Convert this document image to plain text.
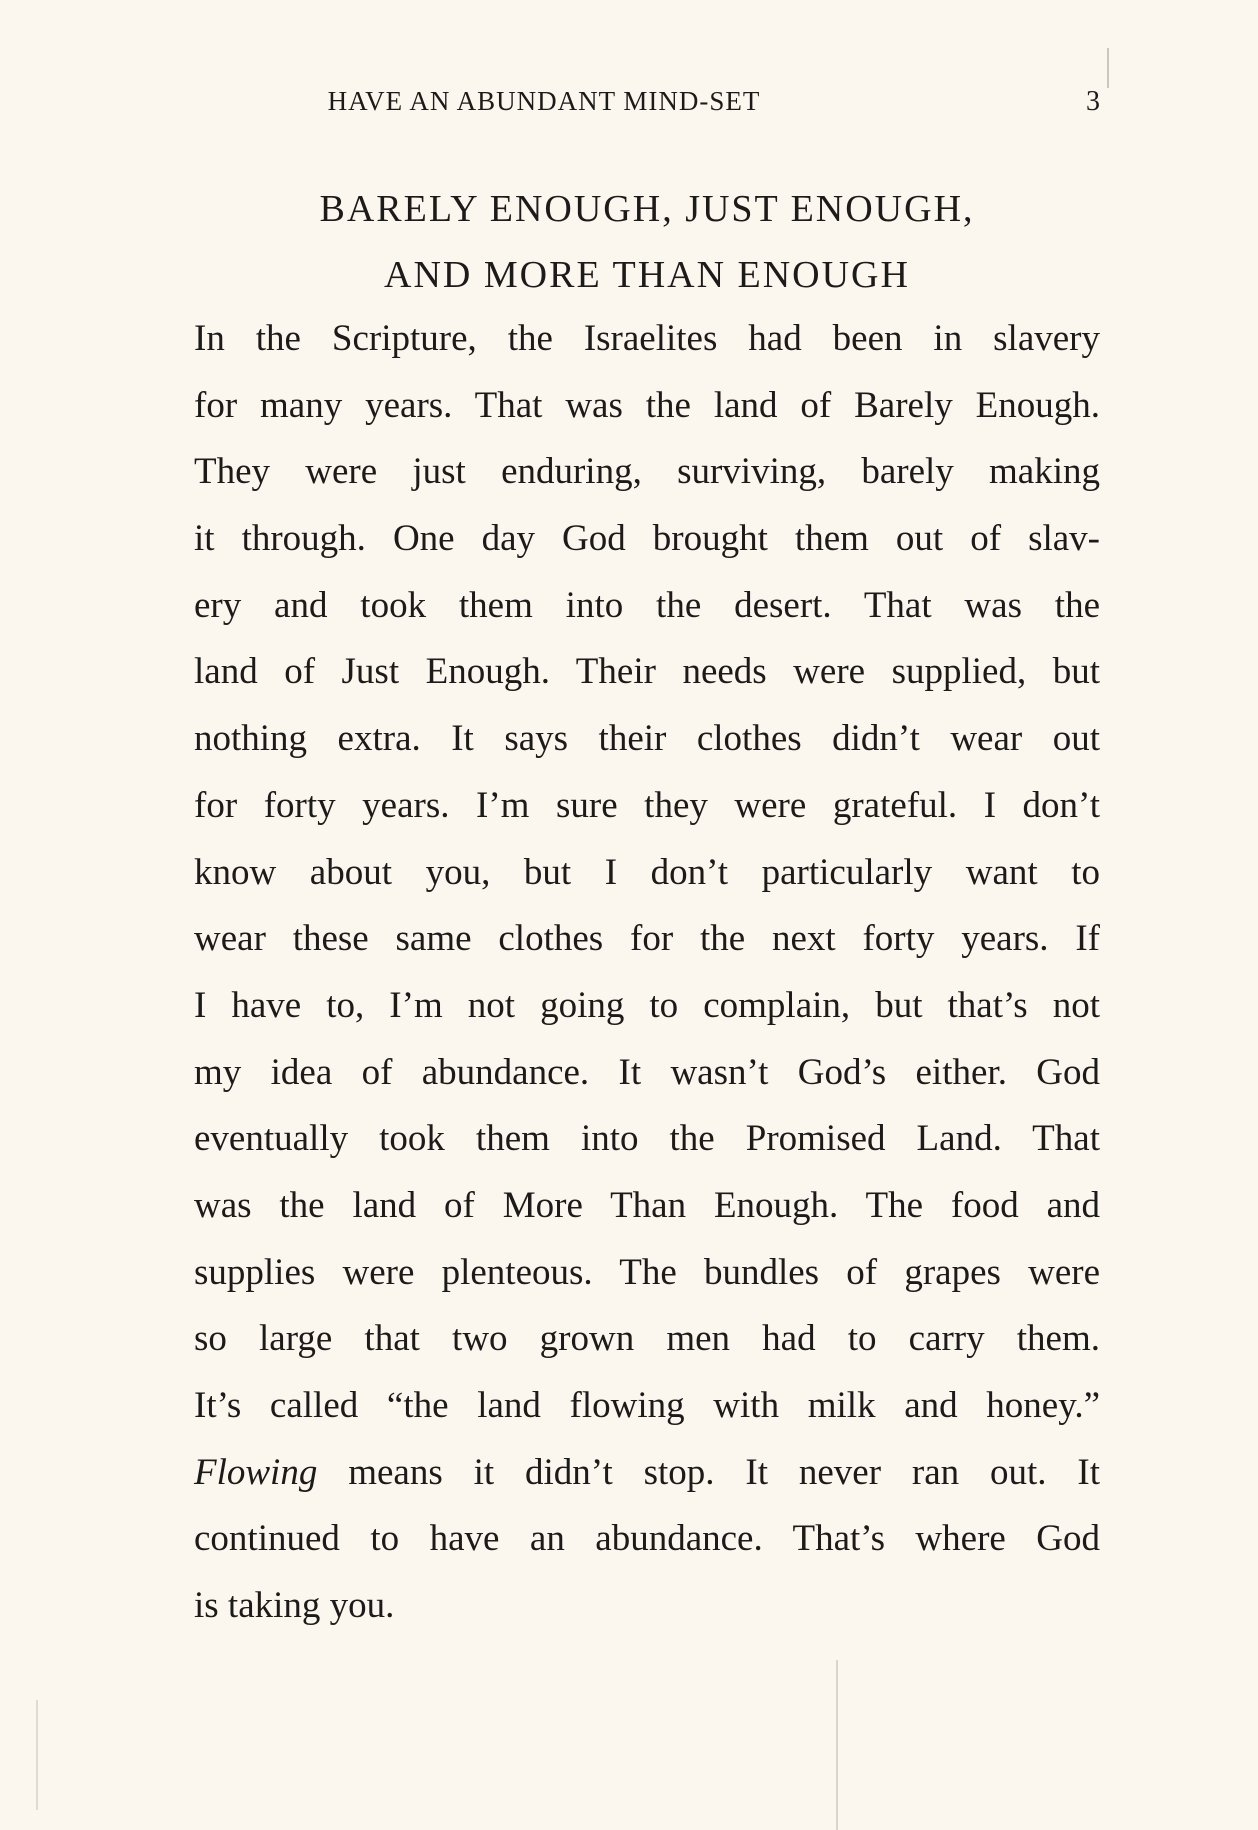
HAVE AN ABUNDANT MIND-SET	3
BARELY ENOUGH, JUST ENOUGH,
AND MORE THAN ENOUGH
In the Scripture, the Israelites had been in slavery
for many years. That was the land of Barely Enough.
They were just enduring, surviving, barely making
it through. One day God brought them out of slav-
ery and took them into the desert. That was the
land of Just Enough. Their needs were supplied, but
nothing extra. It says their clothes didn’t wear out
for forty years. I’m sure they were grateful. I don’t
know about you, but I don’t particularly want to
wear these same clothes for the next forty years. If
I have to, I’m not going to complain, but that’s not
my idea of abundance. It wasn’t God’s either. God
eventually took them into the Promised Land. That
was the land of More Than Enough. The food and
supplies were plenteous. The bundles of grapes were
so large that two grown men had to carry them.
It’s called “the land flowing with milk and honey.”
Flowing means it didn’t stop. It never ran out. It
continued to have an abundance. That’s where God
is taking you.
